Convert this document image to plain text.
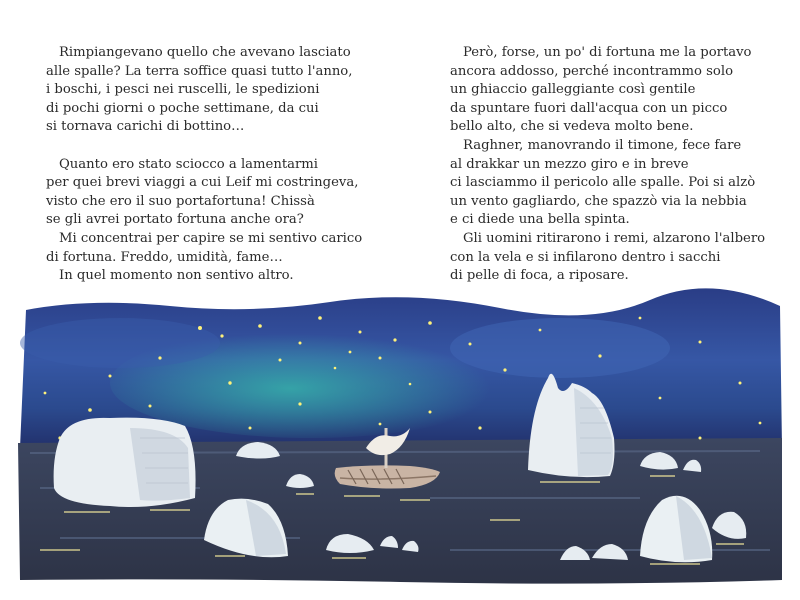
Rimpiangevano quello che avevano lasciato
alle spalle? La terra soffice quasi tutto l'anno,
i boschi, i pesci nei ruscelli, le spedizioni
di pochi giorni o poche settimane, da cui
si tornava carichi di bottino…
Quanto ero stato sciocco a lamentarmi
per quei brevi viaggi a cui Leif mi costringeva,
visto che ero il suo portafortuna! Chissà
se gli avrei portato fortuna anche ora?
Mi concentrai per capire se mi sentivo carico
di fortuna. Freddo, umidità, fame…
In quel momento non sentivo altro.
Però, forse, un po' di fortuna me la portavo
ancora addosso, perché incontrammo solo
un ghiaccio galleggiante così gentile
da spuntare fuori dall'acqua con un picco
bello alto, che si vedeva molto bene.
Raghner, manovrando il timone, fece fare
al drakkar un mezzo giro e in breve
ci lasciammo il pericolo alle spalle. Poi si alzò
un vento gagliardo, che spazzò via la nebbia
e ci diede una bella spinta.
Gli uomini ritirarono i remi, alzarono l'albero
con la vela e si infilarono dentro i sacchi
di pelle di foca, a riposare.
